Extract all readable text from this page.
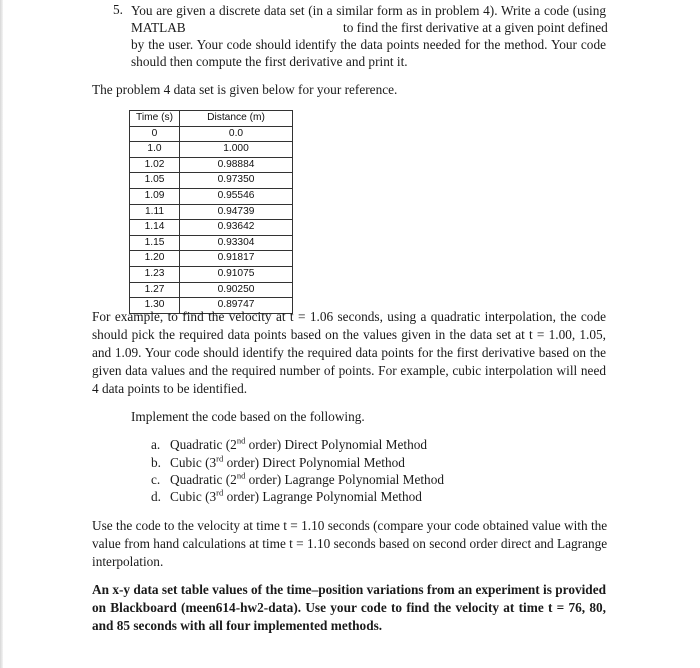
5. You are given a discrete data set (in a similar form as in problem 4). Write a code (using
MATLAB	to find the first derivative at a given point defined
by the user. Your code should identify the data points needed for the method. Your code
should then compute the first derivative and print it.
The problem 4 data set is given below for your reference.
Time (s)	Distance (m)
0	0.0
1.0	1.000
1.02	0.98884
1.05	0.97350
1.09	0.95546
1.11	0.94739
1.14	0.93642
1.15	0.93304
1.20	0.91817
1.23	0.91075
1.27	0.90250
1.30	0.89747
For example, to find the velocity at t = 1.06 seconds, using a quadratic interpolation, the code
should pick the required data points based on the values given in the data set at t = 1.00, 1.05,
and 1.09. Your code should identify the required data points for the first derivative based on the
given data values and the required number of points. For example, cubic interpolation will need
4 data points to be identified.
Implement the code based on the following.
a. Quadratic (2nd order) Direct Polynomial Method
b. Cubic (3rd order) Direct Polynomial Method
c. Quadratic (2nd order) Lagrange Polynomial Method
d. Cubic (3rd order) Lagrange Polynomial Method
Use the code to the velocity at time t = 1.10 seconds (compare your code obtained value with the
value from hand calculations at time t = 1.10 seconds based on second order direct and Lagrange
interpolation.
An x-y data set table values of the time–position variations from an experiment is provided
on Blackboard (meen614-hw2-data). Use your code to find the velocity at time t = 76, 80,
and 85 seconds with all four implemented methods.
